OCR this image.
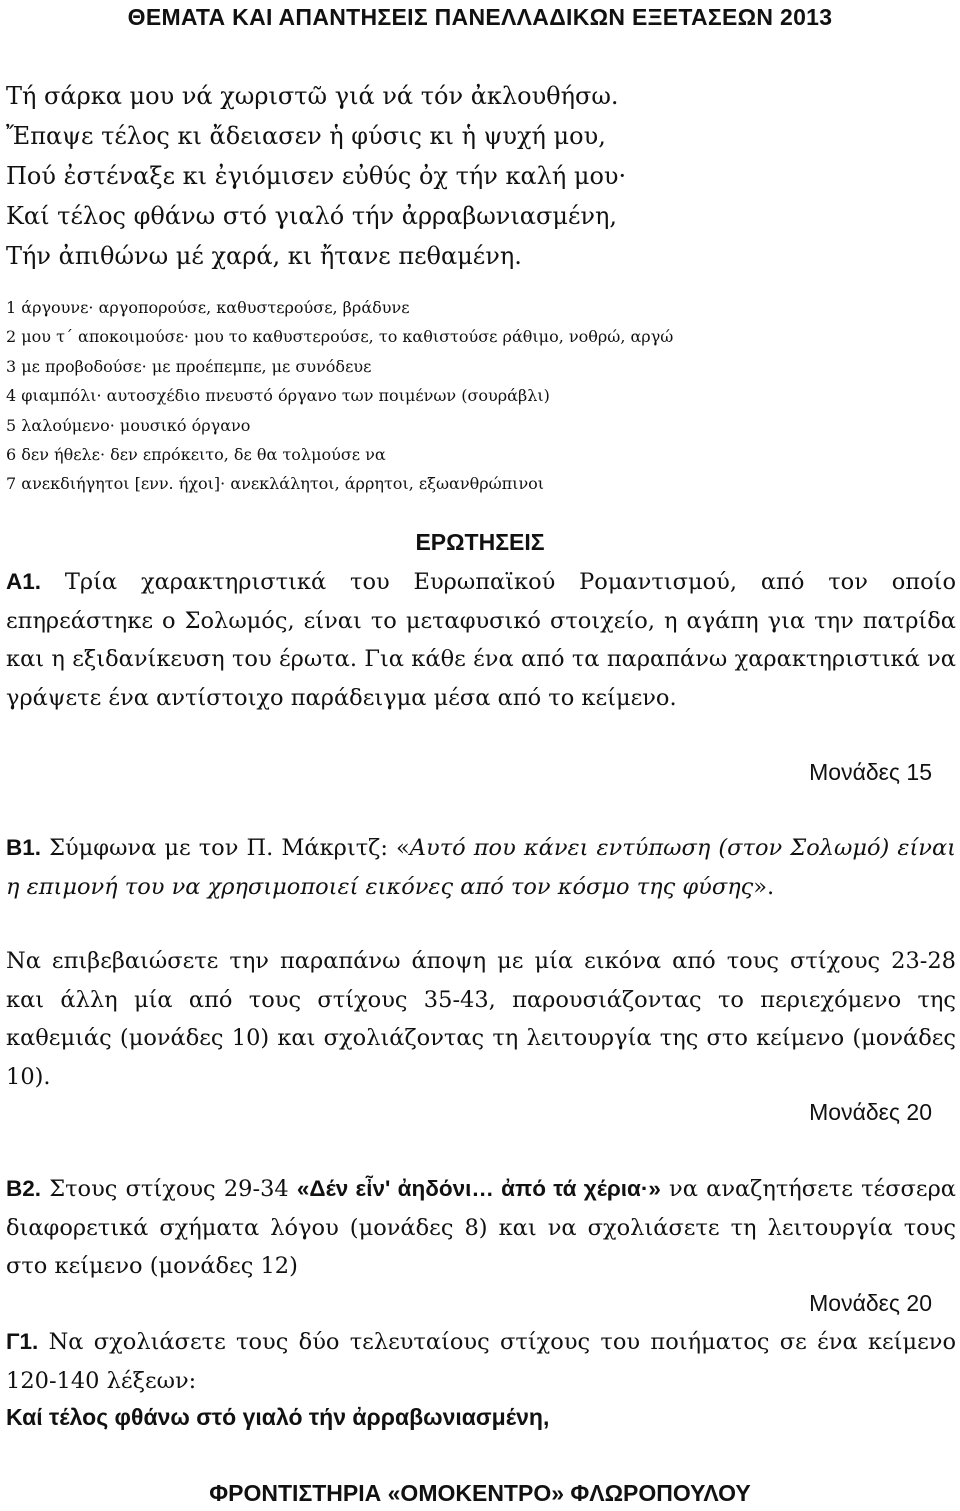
ΘΕΜΑΤΑ ΚΑΙ ΑΠΑΝΤΗΣΕΙΣ ΠΑΝΕΛΛΑΔΙΚΩΝ ΕΞΕΤΑΣΕΩΝ 2013
Τή σάρκα μου νά χωριστῶ γιά νά τόν ἀκλουθήσω.
Ἔπαψε τέλος κι ἄδειασεν ἡ φύσις κι ἡ ψυχή μου,
Πού ἐστέναξε κι ἐγιόμισεν εὐθύς ὀχ τήν καλή μου·
Καί τέλος φθάνω στό γιαλό τήν ἀρραβωνιασμένη,
Τήν ἀπιθώνω μέ χαρά, κι ἤτανε πεθαμένη.
1 άργουνε· αργοπορούσε, καθυστερούσε, βράδυνε
2 μου τ΄ αποκοιμούσε· μου το καθυστερούσε, το καθιστούσε ράθιμο, νοθρώ, αργώ
3 με προβοδούσε· με προέπεμπε, με συνόδευε
4 φιαμπόλι· αυτοσχέδιο πνευστό όργανο των ποιμένων (σουράβλι)
5 λαλούμενο· μουσικό όργανο
6 δεν ήθελε· δεν επρόκειτο, δε θα τολμούσε να
7 ανεκδιήγητοι [ενν. ήχοι]· ανεκλάλητοι, άρρητοι, εξωανθρώπινοι
ΕΡΩΤΗΣΕΙΣ
Α1. Τρία χαρακτηριστικά του Ευρωπαϊκού Ρομαντισμού, από τον οποίο επηρεάστηκε ο Σολωμός, είναι το μεταφυσικό στοιχείο, η αγάπη για την πατρίδα και η εξιδανίκευση του έρωτα. Για κάθε ένα από τα παραπάνω χαρακτηριστικά να γράψετε ένα αντίστοιχο παράδειγμα μέσα από το κείμενο.
Μονάδες 15
Β1. Σύμφωνα με τον Π. Μάκριτζ: «Αυτό που κάνει εντύπωση (στον Σολωμό) είναι η επιμονή του να χρησιμοποιεί εικόνες από τον κόσμο της φύσης».
Να επιβεβαιώσετε την παραπάνω άποψη με μία εικόνα από τους στίχους 23-28 και άλλη μία από τους στίχους 35-43, παρουσιάζοντας το περιεχόμενο της καθεμιάς (μονάδες 10) και σχολιάζοντας τη λειτουργία της στο κείμενο (μονάδες 10).
Μονάδες 20
Β2. Στους στίχους 29-34 «Δέν εἶν' ἀηδόνι… ἀπό τά χέρια·» να αναζητήσετε τέσσερα διαφορετικά σχήματα λόγου (μονάδες 8) και να σχολιάσετε τη λειτουργία τους στο κείμενο (μονάδες 12)
Μονάδες 20
Γ1. Να σχολιάσετε τους δύο τελευταίους στίχους του ποιήματος σε ένα κείμενο 120-140 λέξεων:
Καί τέλος φθάνω στό γιαλό τήν ἀρραβωνιασμένη,
ΦΡΟΝΤΙΣΤΗΡΙΑ «ΟΜΟΚΕΝΤΡΟ» ΦΛΩΡΟΠΟΥΛΟΥ
